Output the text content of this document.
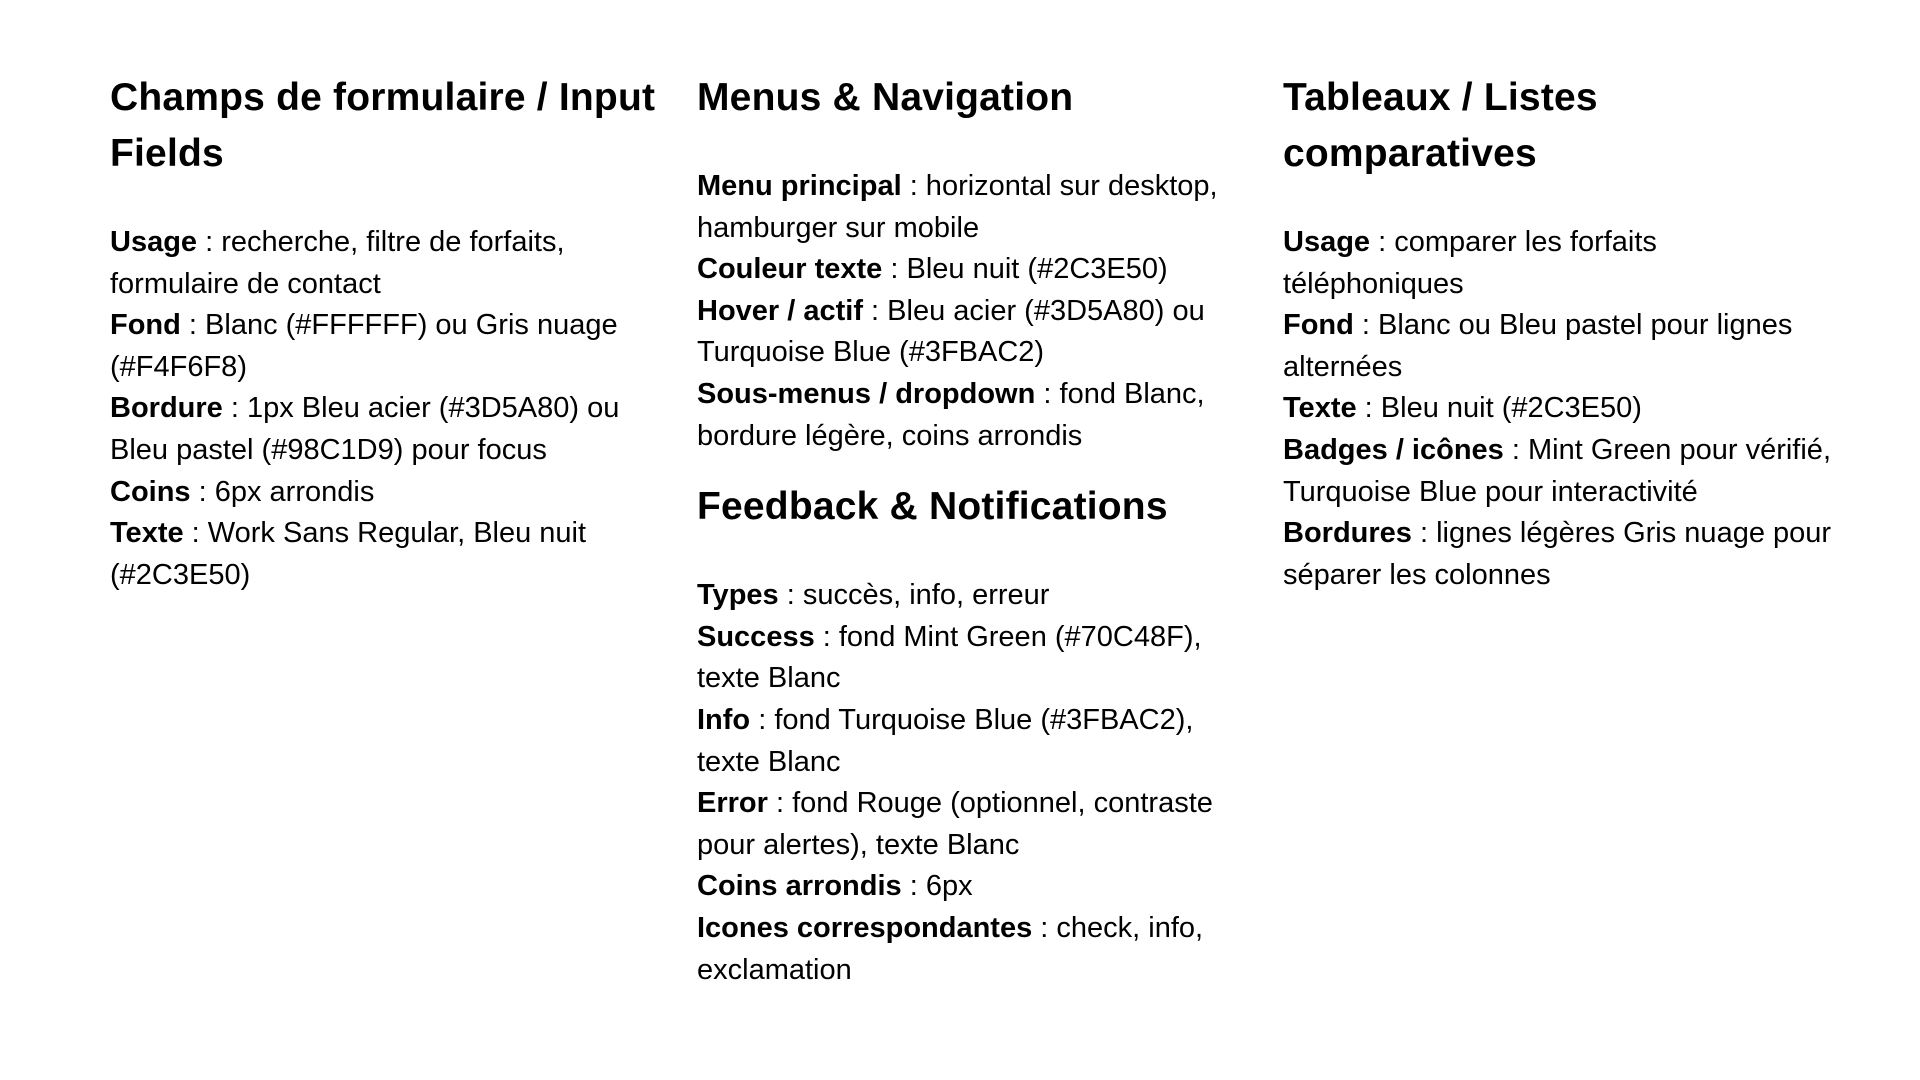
Champs de formulaire / Input Fields
Usage : recherche, filtre de forfaits, formulaire de contact
Fond : Blanc (#FFFFFF) ou Gris nuage (#F4F6F8)
Bordure : 1px Bleu acier (#3D5A80) ou Bleu pastel (#98C1D9) pour focus
Coins : 6px arrondis
Texte : Work Sans Regular, Bleu nuit (#2C3E50)
Menus & Navigation
Menu principal : horizontal sur desktop, hamburger sur mobile
Couleur texte : Bleu nuit (#2C3E50)
Hover / actif : Bleu acier (#3D5A80) ou Turquoise Blue (#3FBAC2)
Sous-menus / dropdown : fond Blanc, bordure légère, coins arrondis
Feedback & Notifications
Types : succès, info, erreur
Success : fond Mint Green (#70C48F), texte Blanc
Info : fond Turquoise Blue (#3FBAC2), texte Blanc
Error : fond Rouge (optionnel, contraste pour alertes), texte Blanc
Coins arrondis : 6px
Icones correspondantes : check, info, exclamation
Tableaux / Listes comparatives
Usage : comparer les forfaits téléphoniques
Fond : Blanc ou Bleu pastel pour lignes alternées
Texte : Bleu nuit (#2C3E50)
Badges / icônes : Mint Green pour vérifié, Turquoise Blue pour interactivité
Bordures : lignes légères Gris nuage pour séparer les colonnes
